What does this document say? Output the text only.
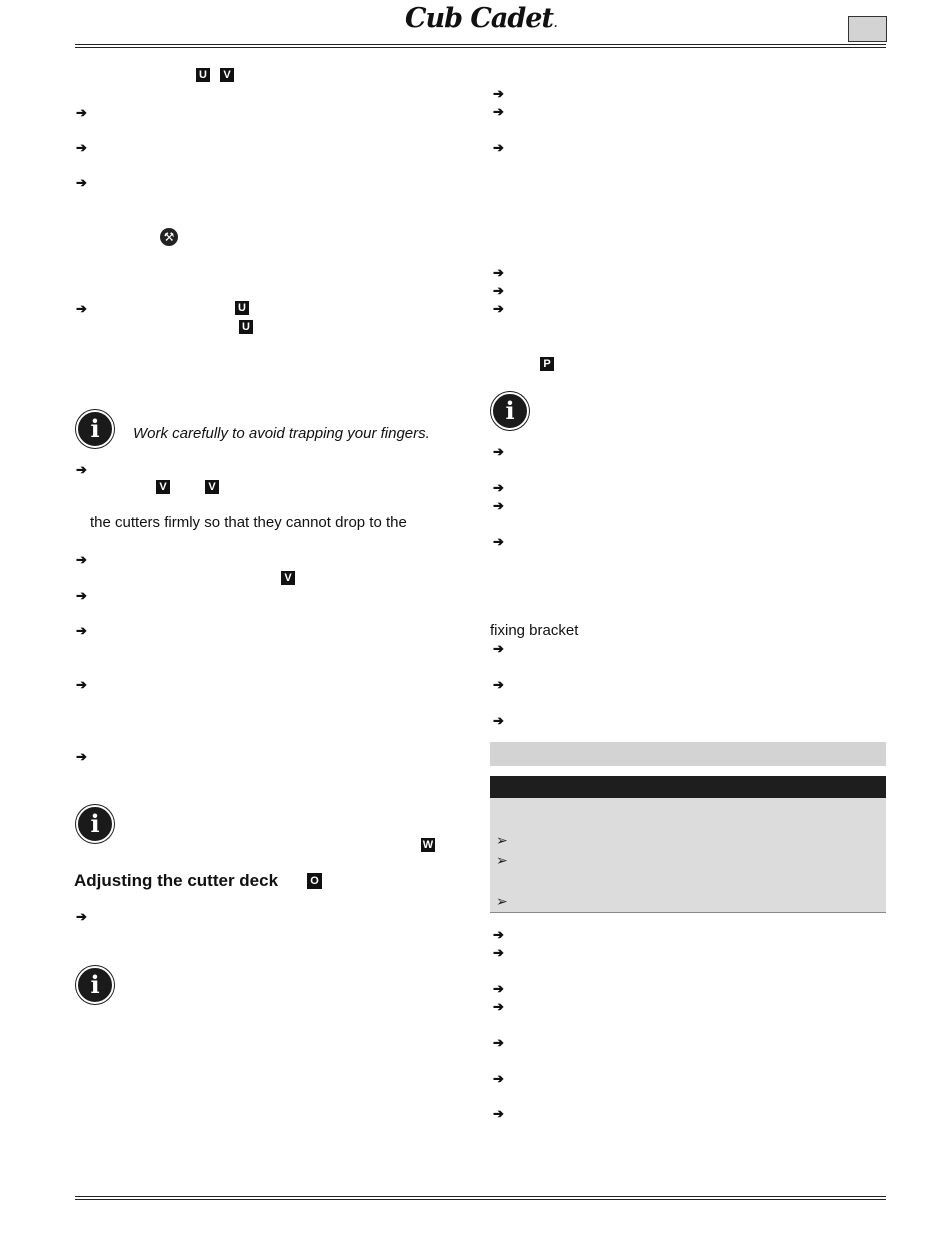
Cub Cadet.
U	V
➔
➔
➔
⚒
➔	U
U
i	Work carefully to avoid trapping your fingers.
➔
V	V
the cutters firmly so that they cannot drop to the
➔
V
➔
➔
➔
➔
i
W
Adjusting the cutter deck	O
➔
i
➔
➔
➔
➔
➔
➔
P
i
➔
➔
➔
➔
fixing bracket
➔
➔
➔
➢
➢
➢
➔
➔
➔
➔
➔
➔
➔
